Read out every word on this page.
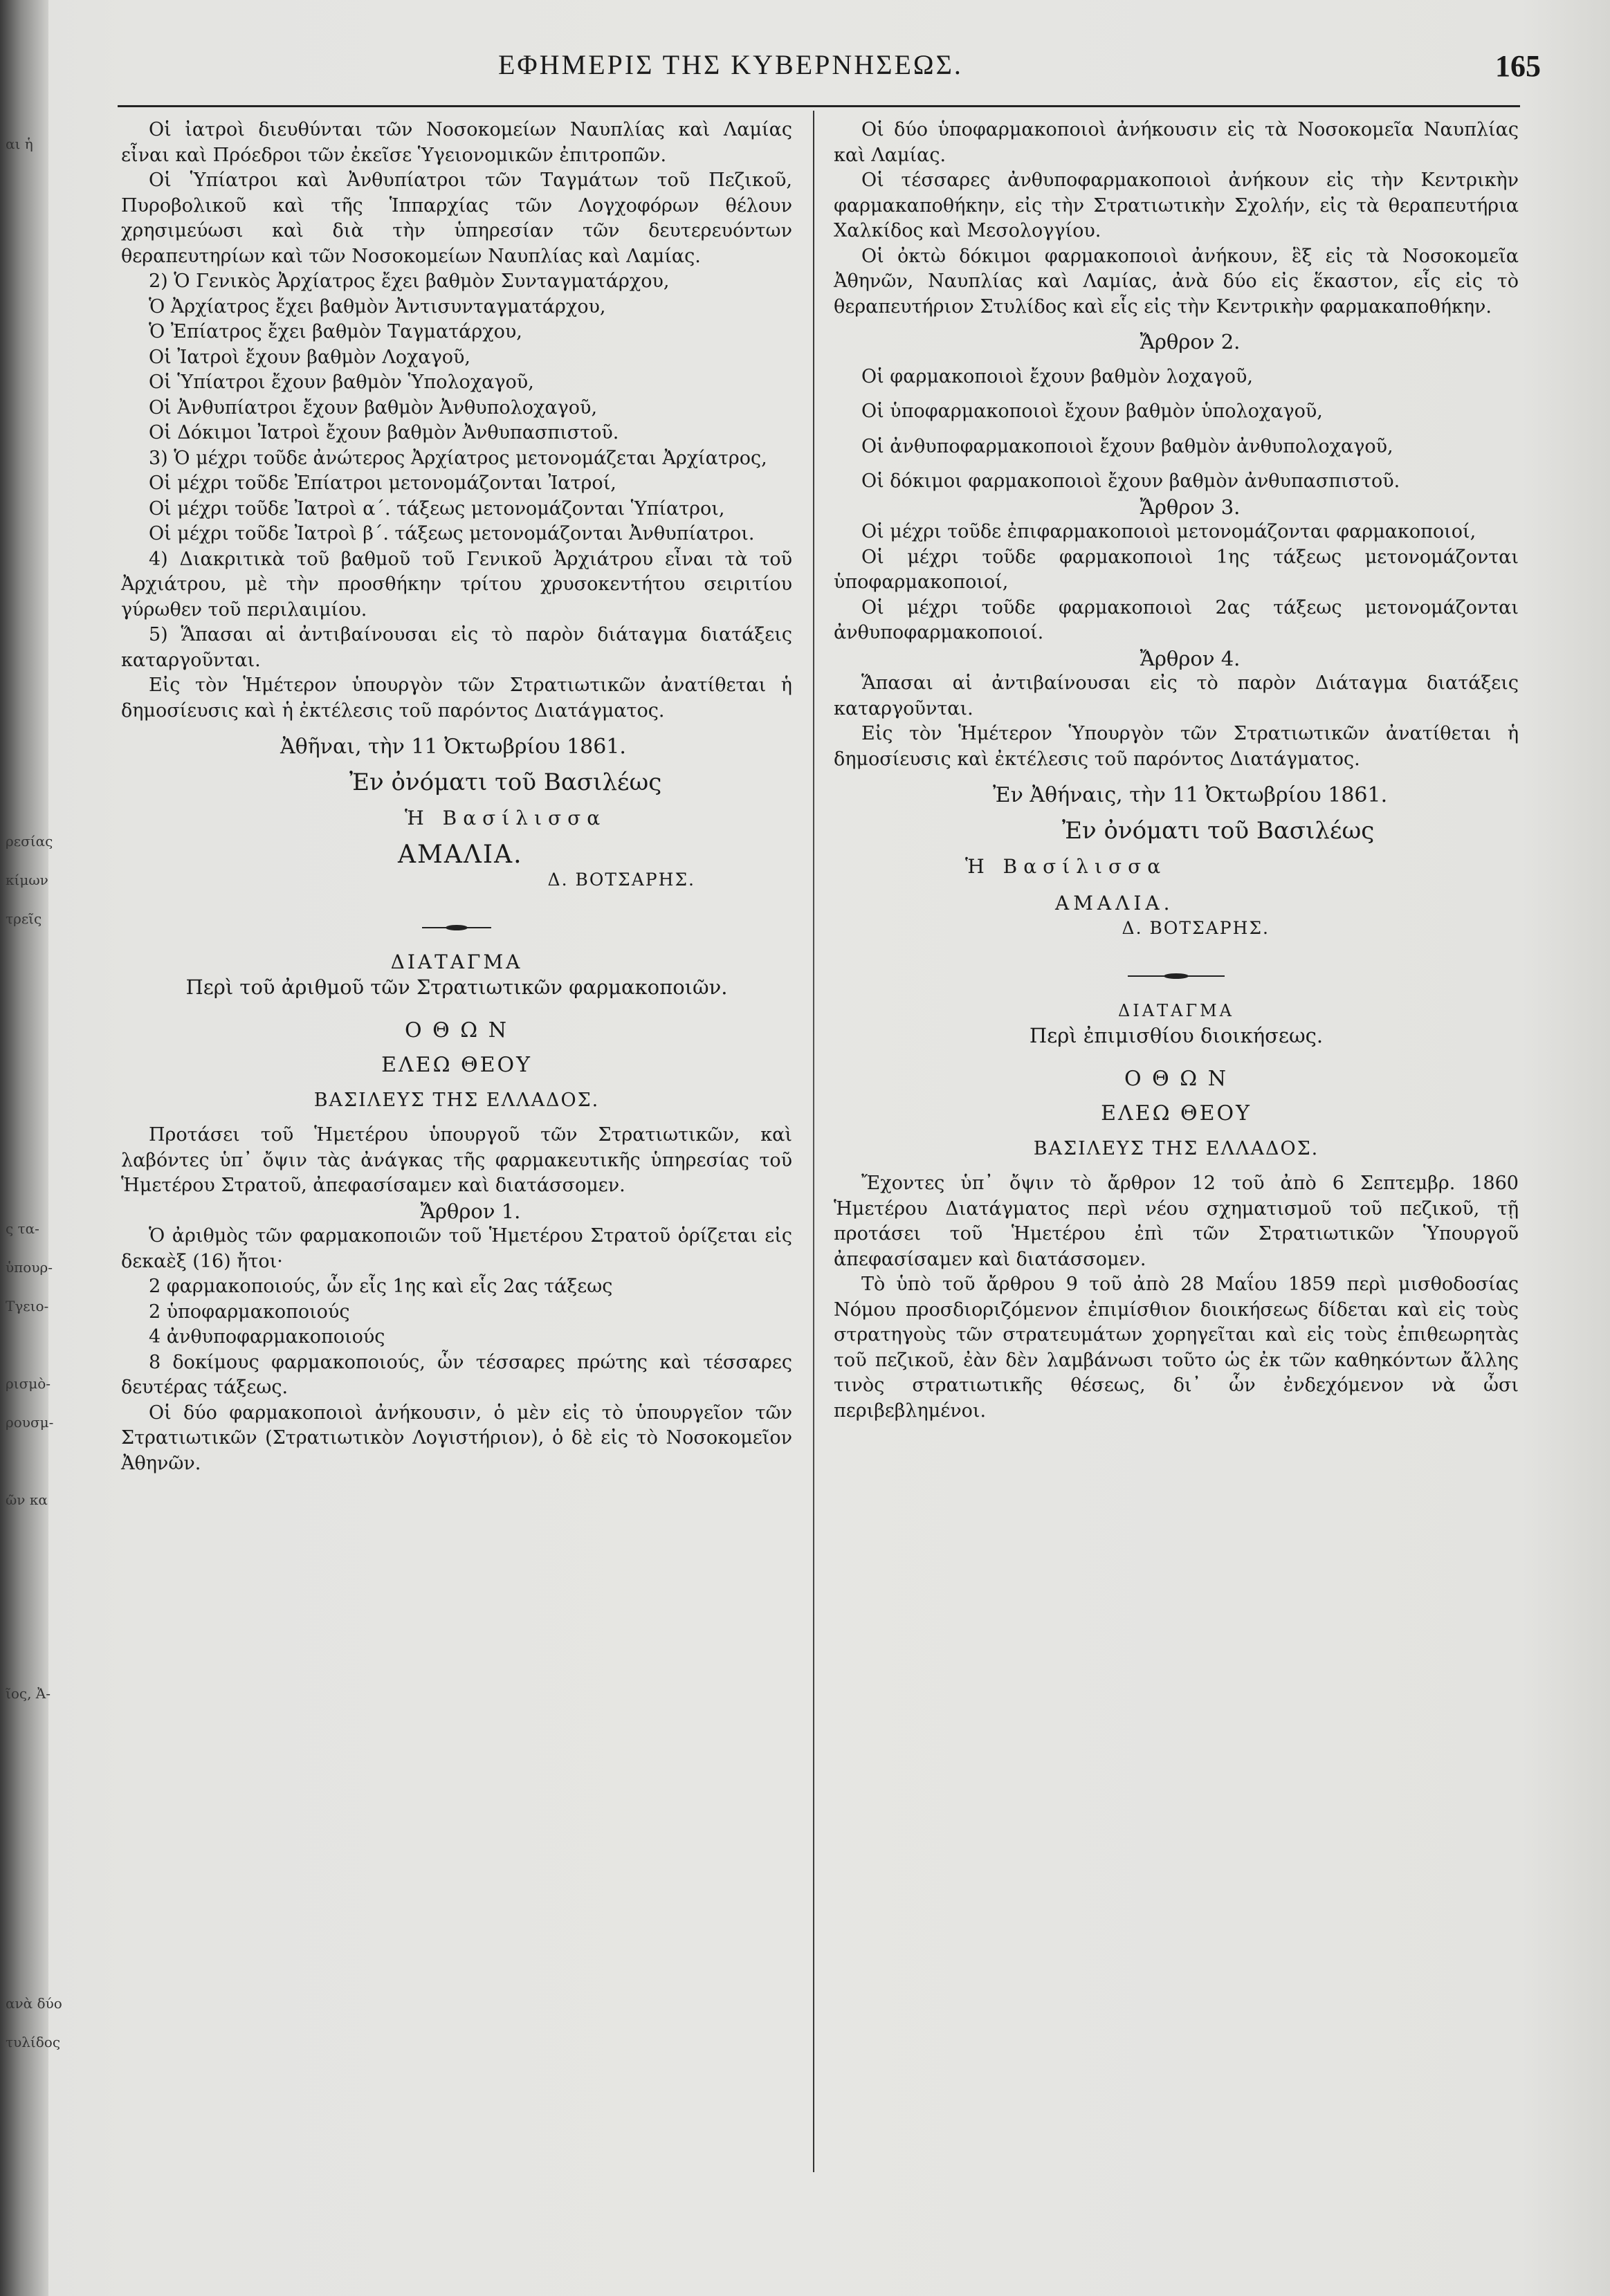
αι ἡ
ρεσίας
κίμων
τρεῖς
ς τα-
ὑπουρ-
Τγειο-
ρισμὸ-
ρουσμ-
ῶν κα
ῖος, Ἀ-
ανὰ δύο
τυλίδος
ΕΦΗΜΕΡΙΣ ΤΗΣ ΚΥΒΕΡΝΗΣΕΩΣ.	165

Οἱ ἰατροὶ διευθύνται τῶν Νοσοκομείων Ναυπλίας καὶ Λαμίας εἶναι καὶ Πρόεδροι τῶν ἐκεῖσε Ὑγειονομικῶν ἐπιτροπῶν.

Οἱ Ὑπίατροι καὶ Ἀνθυπίατροι τῶν Ταγμάτων τοῦ Πεζικοῦ, Πυροβολικοῦ καὶ τῆς Ἱππαρχίας τῶν Λογχοφόρων θέλουν χρησιμεύωσι καὶ διὰ τὴν ὑπηρεσίαν τῶν δευτερευόντων θεραπευτηρίων καὶ τῶν Νοσοκομείων Ναυπλίας καὶ Λαμίας.

2) Ὁ Γενικὸς Ἀρχίατρος ἔχει βαθμὸν Συνταγματάρχου,

Ὁ Ἀρχίατρος ἔχει βαθμὸν Ἀντισυνταγματάρχου,

Ὁ Ἐπίατρος ἔχει βαθμὸν Ταγματάρχου,

Οἱ Ἰατροὶ ἔχουν βαθμὸν Λοχαγοῦ,

Οἱ Ὑπίατροι ἔχουν βαθμὸν Ὑπολοχαγοῦ,

Οἱ Ἀνθυπίατροι ἔχουν βαθμὸν Ἀνθυπολοχαγοῦ,

Οἱ Δόκιμοι Ἰατροὶ ἔχουν βαθμὸν Ἀνθυπασπιστοῦ.

3) Ὁ μέχρι τοῦδε ἀνώτερος Ἀρχίατρος μετονομάζεται Ἀρχίατρος,

Οἱ μέχρι τοῦδε Ἐπίατροι μετονομάζονται Ἰατροί,

Οἱ μέχρι τοῦδε Ἰατροὶ α΄. τάξεως μετονομάζονται Ὑπίατροι,

Οἱ μέχρι τοῦδε Ἰατροὶ β΄. τάξεως μετονομάζονται Ἀνθυπίατροι.

4) Διακριτικὰ τοῦ βαθμοῦ τοῦ Γενικοῦ Ἀρχιάτρου εἶναι τὰ τοῦ Ἀρχιάτρου, μὲ τὴν προσθήκην τρίτου χρυσοκεντήτου σειριτίου γύρωθεν τοῦ περιλαιμίου.

5) Ἅπασαι αἱ ἀντιβαίνουσαι εἰς τὸ παρὸν διάταγμα διατάξεις καταργοῦνται.

Εἰς τὸν Ἡμέτερον ὑπουργὸν τῶν Στρατιωτικῶν ἀνατίθεται ἡ δημοσίευσις καὶ ἡ ἐκτέλεσις τοῦ παρόντος Διατάγματος.

Ἀθῆναι, τὴν 11 Ὀκτωβρίου 1861.

Ἐν ὀνόματι τοῦ Βασιλέως

Ἡ Βασίλισσα

ΑΜΑΛΙΑ.

Δ. ΒΟΤΣΑΡΗΣ.

ΔΙΑΤΑΓΜΑ

Περὶ τοῦ ἀριθμοῦ τῶν Στρατιωτικῶν φαρμακοποιῶν.

Ο Θ Ω Ν

ΕΛΕΩ ΘΕΟΥ

ΒΑΣΙΛΕΥΣ ΤΗΣ ΕΛΛΑΔΟΣ.

Προτάσει τοῦ Ἡμετέρου ὑπουργοῦ τῶν Στρατιωτικῶν, καὶ λαβόντες ὑπ᾽ ὄψιν τὰς ἀνάγκας τῆς φαρμακευτικῆς ὑπηρεσίας τοῦ Ἡμετέρου Στρατοῦ, ἀπεφασίσαμεν καὶ διατάσσομεν.

Ἄρθρον 1.

Ὁ ἀριθμὸς τῶν φαρμακοποιῶν τοῦ Ἡμετέρου Στρατοῦ ὁρίζεται εἰς δεκαὲξ (16) ἤτοι·

2 φαρμακοποιούς, ὧν εἷς 1ης καὶ εἷς 2ας τάξεως

2 ὑποφαρμακοποιούς

4 ἀνθυποφαρμακοποιούς

8 δοκίμους φαρμακοποιούς, ὧν τέσσαρες πρώτης καὶ τέσσαρες δευτέρας τάξεως.

Οἱ δύο φαρμακοποιοὶ ἀνήκουσιν, ὁ μὲν εἰς τὸ ὑπουργεῖον τῶν Στρατιωτικῶν (Στρατιωτικὸν Λογιστήριον), ὁ δὲ εἰς τὸ Νοσοκομεῖον Ἀθηνῶν.

Οἱ δύο ὑποφαρμακοποιοὶ ἀνήκουσιν εἰς τὰ Νοσοκομεῖα Ναυπλίας καὶ Λαμίας.

Οἱ τέσσαρες ἀνθυποφαρμακοποιοὶ ἀνήκουν εἰς τὴν Κεντρικὴν φαρμακαποθήκην, εἰς τὴν Στρατιωτικὴν Σχολήν, εἰς τὰ θεραπευτήρια Χαλκίδος καὶ Μεσολογγίου.

Οἱ ὀκτὼ δόκιμοι φαρμακοποιοὶ ἀνήκουν, ἓξ εἰς τὰ Νοσοκομεῖα Ἀθηνῶν, Ναυπλίας καὶ Λαμίας, ἀνὰ δύο εἰς ἕκαστον, εἷς εἰς τὸ θεραπευτήριον Στυλίδος καὶ εἷς εἰς τὴν Κεντρικὴν φαρμακαποθήκην.

Ἄρθρον 2.

Οἱ φαρμακοποιοὶ ἔχουν βαθμὸν λοχαγοῦ,

Οἱ ὑποφαρμακοποιοὶ ἔχουν βαθμὸν ὑπολοχαγοῦ,

Οἱ ἀνθυποφαρμακοποιοὶ ἔχουν βαθμὸν ἀνθυπολοχαγοῦ,

Οἱ δόκιμοι φαρμακοποιοὶ ἔχουν βαθμὸν ἀνθυπασπιστοῦ.

Ἄρθρον 3.

Οἱ μέχρι τοῦδε ἐπιφαρμακοποιοὶ μετονομάζονται φαρμακοποιοί,

Οἱ μέχρι τοῦδε φαρμακοποιοὶ 1ης τάξεως μετονομάζονται ὑποφαρμακοποιοί,

Οἱ μέχρι τοῦδε φαρμακοποιοὶ 2ας τάξεως μετονομάζονται ἀνθυποφαρμακοποιοί.

Ἄρθρον 4.

Ἅπασαι αἱ ἀντιβαίνουσαι εἰς τὸ παρὸν Διάταγμα διατάξεις καταργοῦνται.

Εἰς τὸν Ἡμέτερον Ὑπουργὸν τῶν Στρατιωτικῶν ἀνατίθεται ἡ δημοσίευσις καὶ ἐκτέλεσις τοῦ παρόντος Διατάγματος.

Ἐν Ἀθήναις, τὴν 11 Ὀκτωβρίου 1861.

Ἐν ὀνόματι τοῦ Βασιλέως

Ἡ Βασίλισσα

ΑΜΑΛΙΑ.

Δ. ΒΟΤΣΑΡΗΣ.

ΔΙΑΤΑΓΜΑ

Περὶ ἐπιμισθίου διοικήσεως.

Ο Θ Ω Ν

ΕΛΕΩ ΘΕΟΥ

ΒΑΣΙΛΕΥΣ ΤΗΣ ΕΛΛΑΔΟΣ.

Ἔχοντες ὑπ᾽ ὄψιν τὸ ἄρθρον 12 τοῦ ἀπὸ 6 Σεπτεμβρ. 1860 Ἡμετέρου Διατάγματος περὶ νέου σχηματισμοῦ τοῦ πεζικοῦ, τῇ προτάσει τοῦ Ἡμετέρου ἐπὶ τῶν Στρατιωτικῶν Ὑπουργοῦ ἀπεφασίσαμεν καὶ διατάσσομεν.

Τὸ ὑπὸ τοῦ ἄρθρου 9 τοῦ ἀπὸ 28 Μαΐου 1859 περὶ μισθοδοσίας Νόμου προσδιοριζόμενον ἐπιμίσθιον διοικήσεως δίδεται καὶ εἰς τοὺς στρατηγοὺς τῶν στρατευμάτων χορηγεῖται καὶ εἰς τοὺς ἐπιθεωρητὰς τοῦ πεζικοῦ, ἐὰν δὲν λαμβάνωσι τοῦτο ὡς ἐκ τῶν καθηκόντων ἄλλης τινὸς στρατιωτικῆς θέσεως, δι᾽ ὧν ἐνδεχόμενον νὰ ὦσι περιβεβλημένοι.
